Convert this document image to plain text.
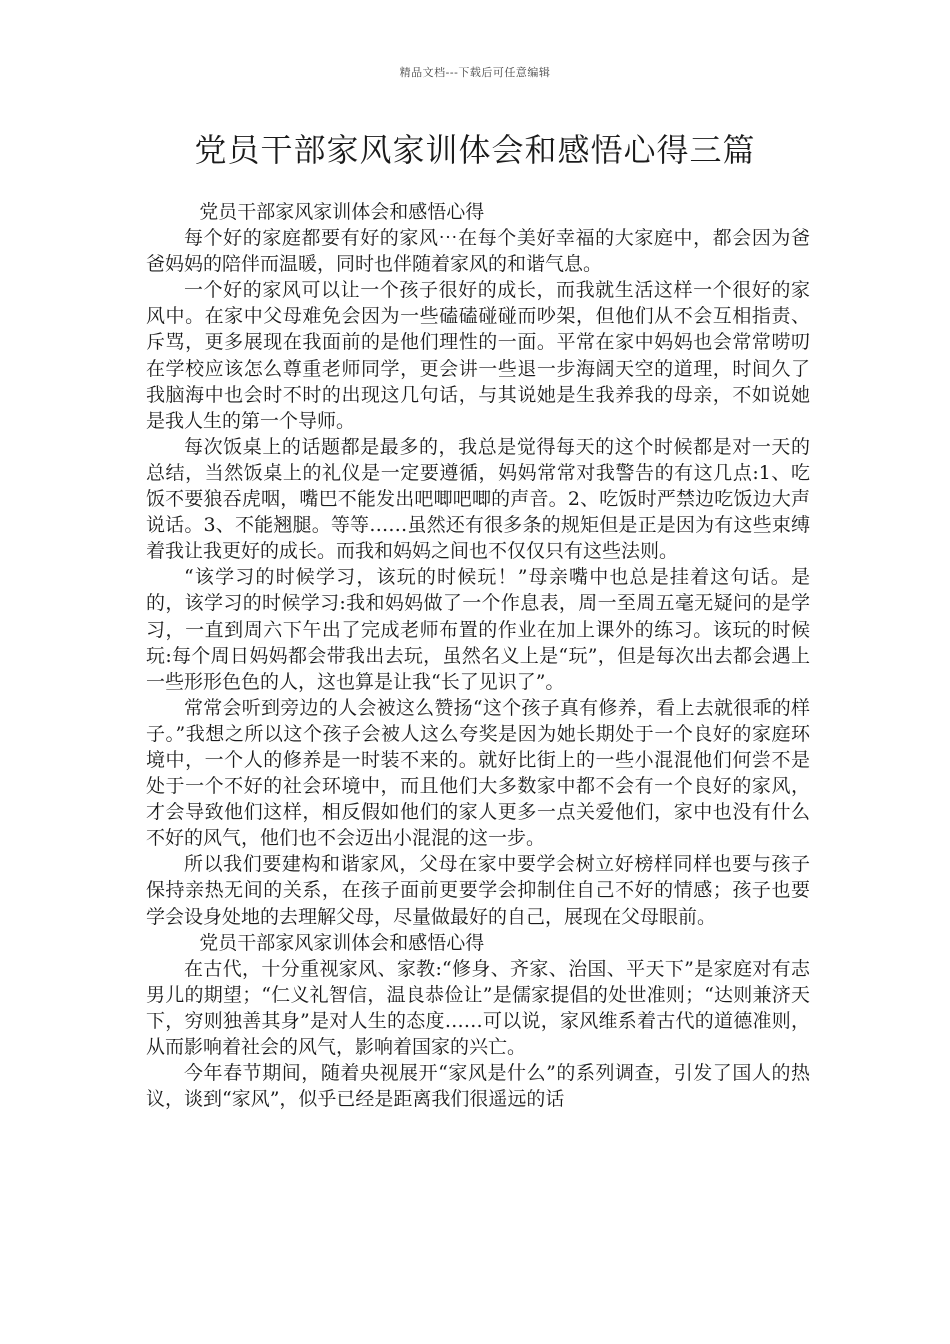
精品文档---下载后可任意编辑
党员干部家风家训体会和感悟心得三篇

党员干部家风家训体会和感悟心得

每个好的家庭都要有好的家风⋯在每个美好幸福的大家庭中，都会因为爸爸妈妈的陪伴而温暖，同时也伴随着家风的和谐气息。

一个好的家风可以让一个孩子很好的成长，而我就生活这样一个很好的家风中。在家中父母难免会因为一些磕磕碰碰而吵架，但他们从不会互相指责、斥骂，更多展现在我面前的是他们理性的一面。平常在家中妈妈也会常常唠叨在学校应该怎么尊重老师同学，更会讲一些退一步海阔天空的道理，时间久了我脑海中也会时不时的出现这几句话，与其说她是生我养我的母亲，不如说她是我人生的第一个导师。

每次饭桌上的话题都是最多的，我总是觉得每天的这个时候都是对一天的总结，当然饭桌上的礼仪是一定要遵循，妈妈常常对我警告的有这几点:1、吃饭不要狼吞虎咽，嘴巴不能发出吧唧吧唧的声音。2、吃饭时严禁边吃饭边大声说话。3、不能翘腿。等等……虽然还有很多条的规矩但是正是因为有这些束缚着我让我更好的成长。而我和妈妈之间也不仅仅只有这些法则。

“该学习的时候学习，该玩的时候玩！”母亲嘴中也总是挂着这句话。是的，该学习的时候学习:我和妈妈做了一个作息表，周一至周五毫无疑问的是学习，一直到周六下午出了完成老师布置的作业在加上课外的练习。该玩的时候玩:每个周日妈妈都会带我出去玩，虽然名义上是“玩”，但是每次出去都会遇上一些形形色色的人，这也算是让我“长了见识了”。

常常会听到旁边的人会被这么赞扬“这个孩子真有修养，看上去就很乖的样子。”我想之所以这个孩子会被人这么夸奖是因为她长期处于一个良好的家庭环境中，一个人的修养是一时装不来的。就好比街上的一些小混混他们何尝不是处于一个不好的社会环境中，而且他们大多数家中都不会有一个良好的家风，才会导致他们这样，相反假如他们的家人更多一点关爱他们，家中也没有什么不好的风气，他们也不会迈出小混混的这一步。

所以我们要建构和谐家风，父母在家中要学会树立好榜样同样也要与孩子保持亲热无间的关系，在孩子面前更要学会抑制住自己不好的情感；孩子也要学会设身处地的去理解父母，尽量做最好的自己，展现在父母眼前。

党员干部家风家训体会和感悟心得

在古代，十分重视家风、家教:“修身、齐家、治国、平天下”是家庭对有志男儿的期望；“仁义礼智信，温良恭俭让”是儒家提倡的处世准则；“达则兼济天下，穷则独善其身”是对人生的态度……可以说，家风维系着古代的道德准则，从而影响着社会的风气，影响着国家的兴亡。

今年春节期间，随着央视展开“家风是什么”的系列调查，引发了国人的热议，谈到“家风”，似乎已经是距离我们很遥远的话
